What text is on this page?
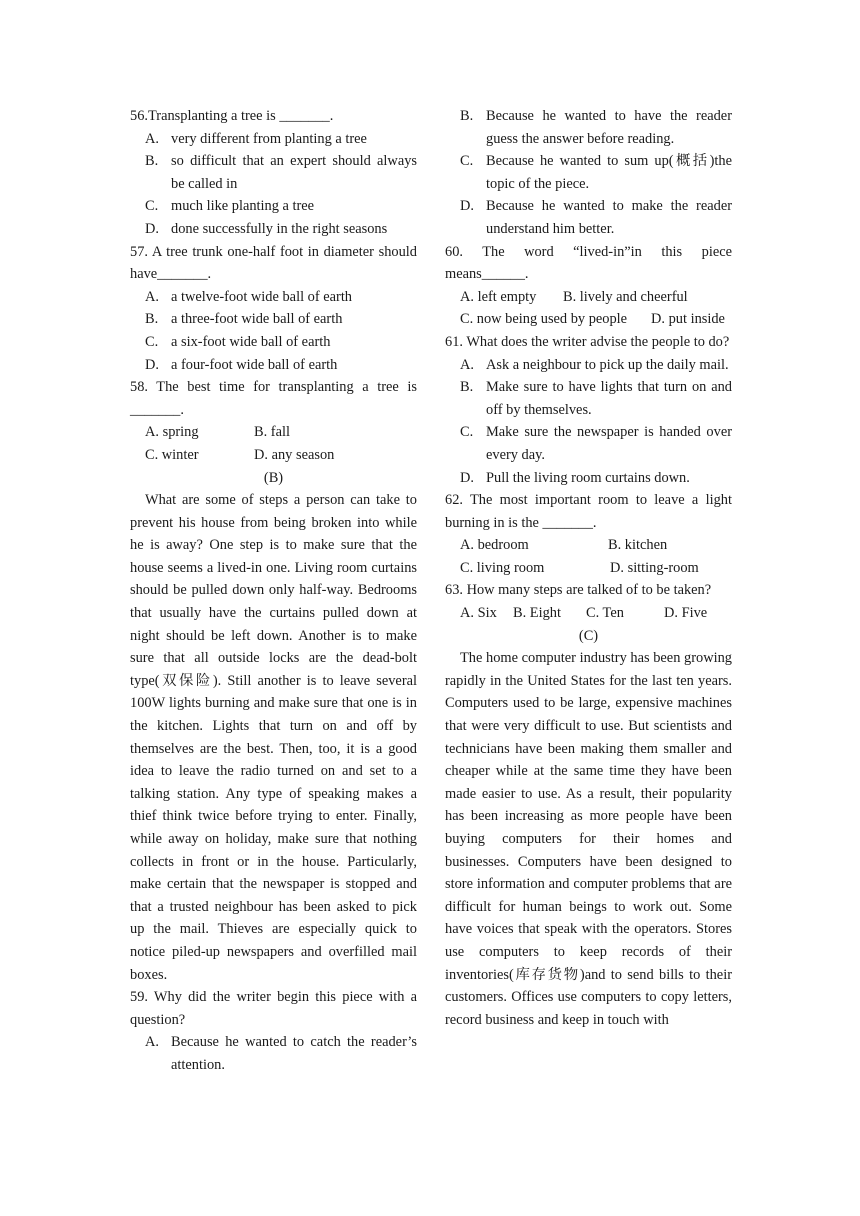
56.Transplanting a tree is _______.

A. very different from planting a tree
B. so difficult that an expert should always be called in
C. much like planting a tree
D. done successfully in the right seasons

57. A tree trunk one-half foot in diameter should have_______.

A. a twelve-foot wide ball of earth
B. a three-foot wide ball of earth
C. a six-foot wide ball of earth
D. a four-foot wide ball of earth

58. The best time for transplanting a tree is _______.

A. spring	B. fall
C. winter	D. any season

(B)

What are some of steps a person can take to prevent his house from being broken into while he is away? One step is to make sure that the house seems a lived-in one. Living room curtains should be pulled down only half-way. Bedrooms that usually have the curtains pulled down at night should be left down. Another is to make sure that all outside locks are the dead-bolt type(双保险). Still another is to leave several 100W lights burning and make sure that one is in the kitchen. Lights that turn on and off by themselves are the best. Then, too, it is a good idea to leave the radio turned on and set to a talking station. Any type of speaking makes a thief think twice before trying to enter. Finally, while away on holiday, make sure that nothing collects in front or in the house. Particularly, make certain that the newspaper is stopped and that a trusted neighbour has been asked to pick up the mail. Thieves are especially quick to notice piled-up newspapers and overfilled mail boxes.

59. Why did the writer begin this piece with a question?

A. Because he wanted to catch the reader’s attention.
B. Because he wanted to have the reader guess the answer before reading.
C. Because he wanted to sum up(概括)the topic of the piece.
D. Because he wanted to make the reader understand him better.

60. The word “lived-in”in this piece means______.

A. left empty	B. lively and cheerful
C. now being used by people	D. put inside

61. What does the writer advise the people to do?

A. Ask a neighbour to pick up the daily mail.
B. Make sure to have lights that turn on and off by themselves.
C. Make sure the newspaper is handed over every day.
D. Pull the living room curtains down.

62. The most important room to leave a light burning in is the _______.

A. bedroom	B. kitchen
C. living room	D. sitting-room

63. How many steps are talked of to be taken?

A. Six	B. Eight	C. Ten	D. Five

(C)

The home computer industry has been growing rapidly in the United States for the last ten years. Computers used to be large, expensive machines that were very difficult to use. But scientists and technicians have been making them smaller and cheaper while at the same time they have been made easier to use. As a result, their popularity has been increasing as more people have been buying computers for their homes and businesses. Computers have been designed to store information and computer problems that are difficult for human beings to work out. Some have voices that speak with the operators. Stores use computers to keep records of their inventories(库存货物)and to send bills to their customers. Offices use computers to copy letters, record business and keep in touch with
